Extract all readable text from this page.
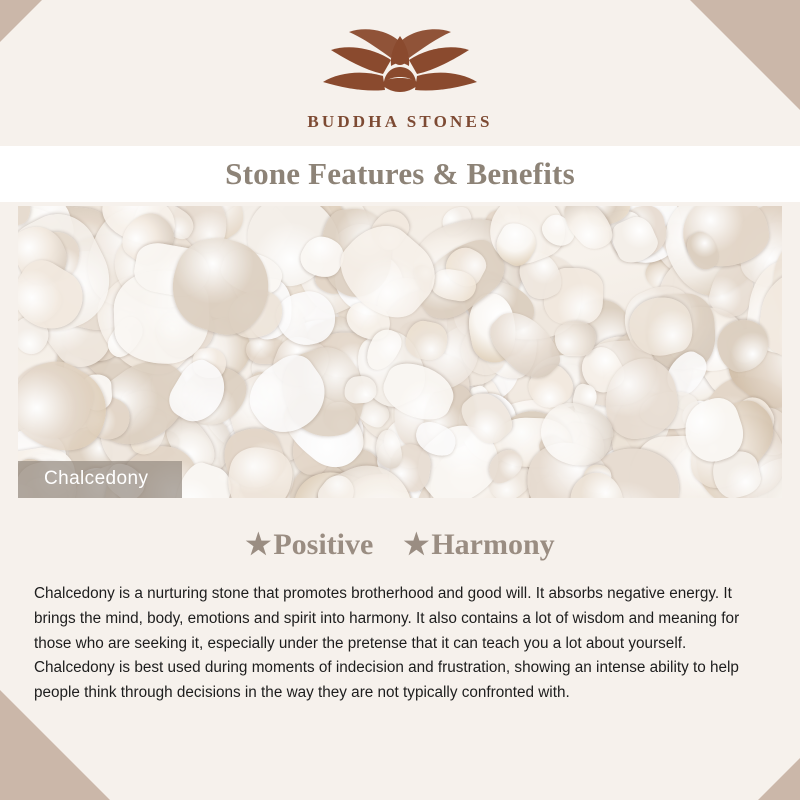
BUDDHA STONES
Stone Features & Benefits
Chalcedony
★ Positive ★ Harmony

Chalcedony is a nurturing stone that promotes brotherhood and good will. It absorbs negative energy. It brings the mind, body, emotions and spirit into harmony. It also contains a lot of wisdom and meaning for those who are seeking it, especially under the pretense that it can teach you a lot about yourself. Chalcedony is best used during moments of indecision and frustration, showing an intense ability to help people think through decisions in the way they are not typically confronted with.
